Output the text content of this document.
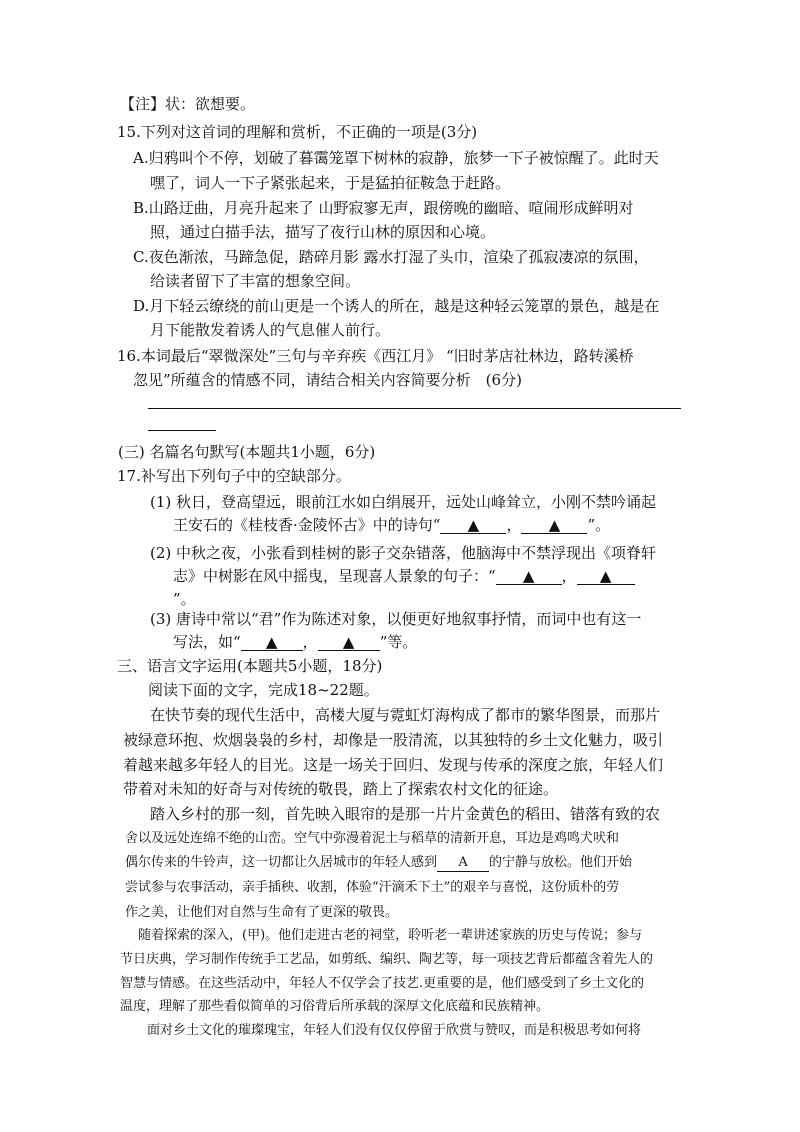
【注】状：欲想要。
15.下列对这首词的理解和赏析，不正确的一项是(3分)
A.归鸦叫个不停，划破了暮霭笼罩下树林的寂静，旅梦一下子被惊醒了。此时天
嘿了，词人一下子紧张起来，于是猛拍征鞍急于赶路。
B.山路迂曲，月亮升起来了 山野寂寥无声，跟傍晚的幽暗、喧闹形成鲜明对
照，通过白描手法，描写了夜行山林的原因和心境。
C.夜色渐浓，马蹄急促，踏碎月影 露水打湿了头巾，渲染了孤寂凄凉的氛围，
给读者留下了丰富的想象空间。
D.月下轻云缭绕的前山更是一个诱人的所在，越是这种轻云笼罩的景色，越是在
月下能散发着诱人的气息催人前行。
16.本词最后“翠微深处”三句与辛弃疾《西江月》 “旧时茅店社林边，路转溪桥
忽见”所蕴含的情感不同，请结合相关内容简要分析　(6分)
(三) 名篇名句默写(本题共1小题，6分)
17.补写出下列句子中的空缺部分。
(1) 秋日，登高望远，眼前江水如白绢展开，远处山峰耸立，小刚不禁吟诵起
王安石的《桂枝香·金陵怀古》中的诗句“ ▲ ， ▲ ”。
(2) 中秋之夜，小张看到桂树的影子交杂错落，他脑海中不禁浮现出《项脊轩
志》中树影在风中摇曳，呈现喜人景象的句子：“ ▲ ， ▲
”。
(3) 唐诗中常以“君”作为陈述对象，以便更好地叙事抒情，而词中也有这一
写法，如“ ▲ ， ▲ ”等。
三、语言文字运用(本题共5小题，18分)
阅读下面的文字，完成18~22题。
在快节奏的现代生活中，高楼大厦与霓虹灯海构成了都市的繁华图景，而那片
被绿意环抱、炊烟袅袅的乡村，却像是一股清流，以其独特的乡土文化魅力，吸引
着越来越多年轻人的目光。这是一场关于回归、发现与传承的深度之旅，年轻人们
带着对未知的好奇与对传统的敬畏，踏上了探索农村文化的征途。
踏入乡村的那一刻，首先映入眼帘的是那一片片金黄色的稻田、错落有致的农
舍以及远处连绵不绝的山峦。空气中弥漫着泥土与稻草的清新开息，耳边是鸡鸣犬吠和
偶尔传来的牛铃声，这一切都让久居城市的年轻人感到 A 的宁静与放松。他们开始
尝试参与农事活动，亲手插秧、收割，体验“汗滴禾下土”的艰辛与喜悦，这份质朴的劳
作之美，让他们对自然与生命有了更深的敬畏。
随着探索的深入，(甲)。他们走进古老的祠堂，聆听老一辈讲述家族的历史与传说；参与
节日庆典，学习制作传统手工艺品，如剪纸、编织、陶艺等，每一项技艺背后都蕴含着先人的
智慧与情感。在这些活动中，年轻人不仅学会了技艺.更重要的是，他们感受到了乡土文化的
温度，理解了那些看似简单的习俗背后所承载的深厚文化底蕴和民族精神。
面对乡土文化的璀璨瑰宝，年轻人们没有仅仅停留于欣赏与赞叹，而是积极思考如何将
